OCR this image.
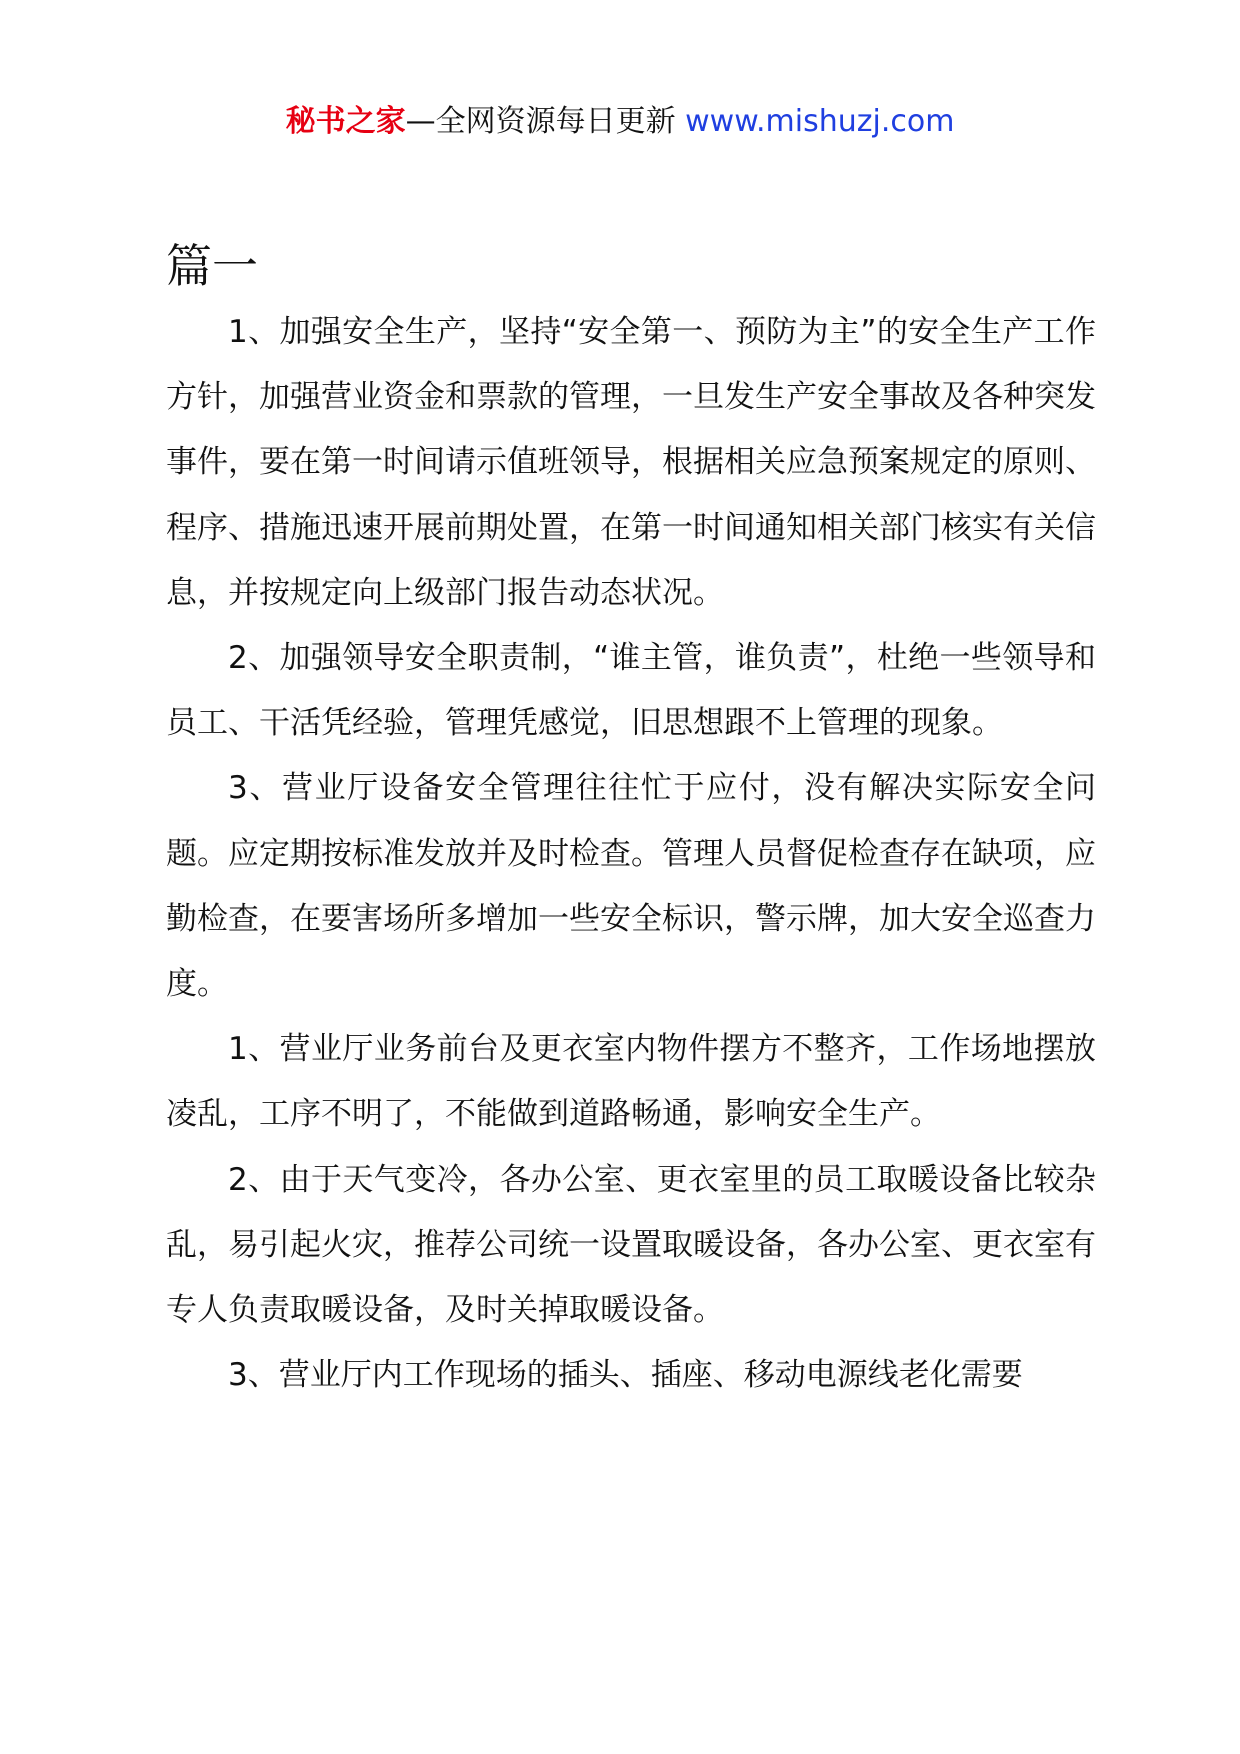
秘书之家—全网资源每日更新 www.mishuzj.com
篇一

1、加强安全生产，坚持“安全第一、预防为主”的安全生产工作方针，加强营业资金和票款的管理，一旦发生产安全事故及各种突发事件，要在第一时间请示值班领导，根据相关应急预案规定的原则、程序、措施迅速开展前期处置，在第一时间通知相关部门核实有关信息，并按规定向上级部门报告动态状况。

2、加强领导安全职责制，“谁主管，谁负责”，杜绝一些领导和员工、干活凭经验，管理凭感觉，旧思想跟不上管理的现象。

3、营业厅设备安全管理往往忙于应付，没有解决实际安全问题。应定期按标准发放并及时检查。管理人员督促检查存在缺项，应勤检查，在要害场所多增加一些安全标识，警示牌，加大安全巡查力度。

1、营业厅业务前台及更衣室内物件摆方不整齐，工作场地摆放凌乱，工序不明了，不能做到道路畅通，影响安全生产。

2、由于天气变冷，各办公室、更衣室里的员工取暖设备比较杂乱，易引起火灾，推荐公司统一设置取暖设备，各办公室、更衣室有专人负责取暖设备，及时关掉取暖设备。

3、营业厅内工作现场的插头、插座、移动电源线老化需要
